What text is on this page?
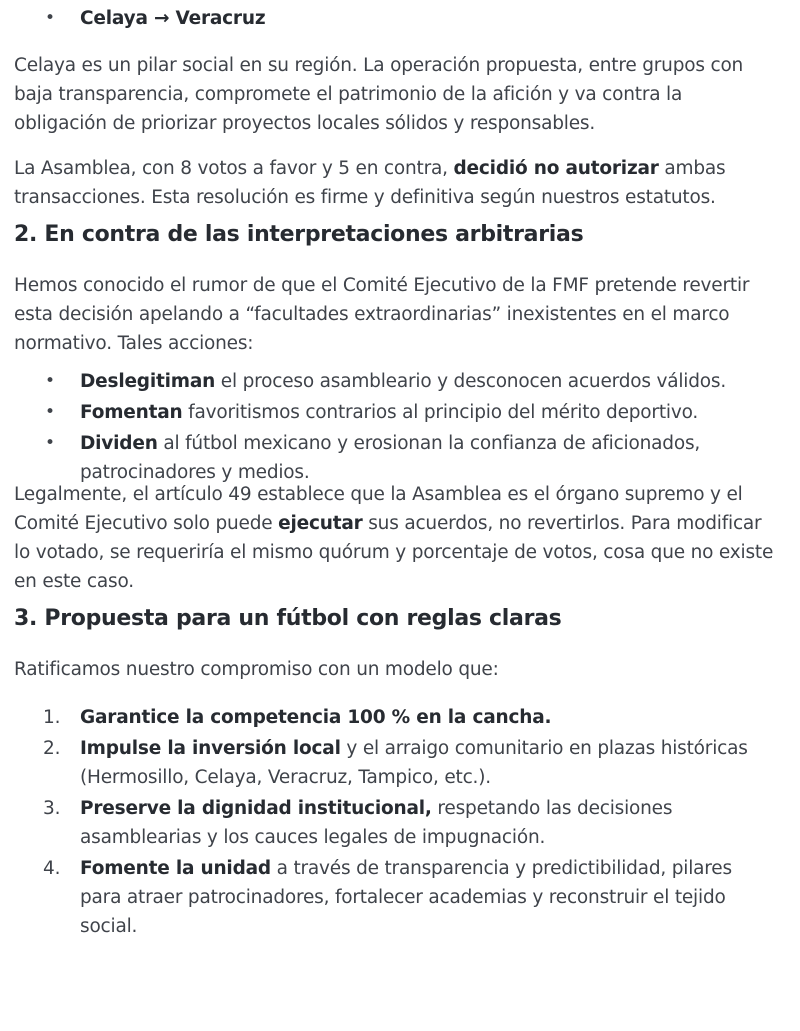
•	Celaya → Veracruz

Celaya es un pilar social en su región. La operación propuesta, entre grupos con baja transparencia, compromete el patrimonio de la afición y va contra la obligación de priorizar proyectos locales sólidos y responsables.

La Asamblea, con 8 votos a favor y 5 en contra, decidió no autorizar ambas transacciones. Esta resolución es firme y definitiva según nuestros estatutos.

2. En contra de las interpretaciones arbitrarias

Hemos conocido el rumor de que el Comité Ejecutivo de la FMF pretende revertir esta decisión apelando a “facultades extraordinarias” inexistentes en el marco normativo. Tales acciones:

•	Deslegitiman el proceso asambleario y desconocen acuerdos válidos.

•	Fomentan favoritismos contrarios al principio del mérito deportivo.

•	Dividen al fútbol mexicano y erosionan la confianza de aficionados, patrocinadores y medios.

Legalmente, el artículo 49 establece que la Asamblea es el órgano supremo y el Comité Ejecutivo solo puede ejecutar sus acuerdos, no revertirlos. Para modificar lo votado, se requeriría el mismo quórum y porcentaje de votos, cosa que no existe en este caso.

3. Propuesta para un fútbol con reglas claras

Ratificamos nuestro compromiso con un modelo que:

1.	Garantice la competencia 100 % en la cancha.

2.	Impulse la inversión local y el arraigo comunitario en plazas históricas (Hermosillo, Celaya, Veracruz, Tampico, etc.).

3.	Preserve la dignidad institucional, respetando las decisiones asamblearias y los cauces legales de impugnación.

4.	Fomente la unidad a través de transparencia y predictibilidad, pilares para atraer patrocinadores, fortalecer academias y reconstruir el tejido social.
